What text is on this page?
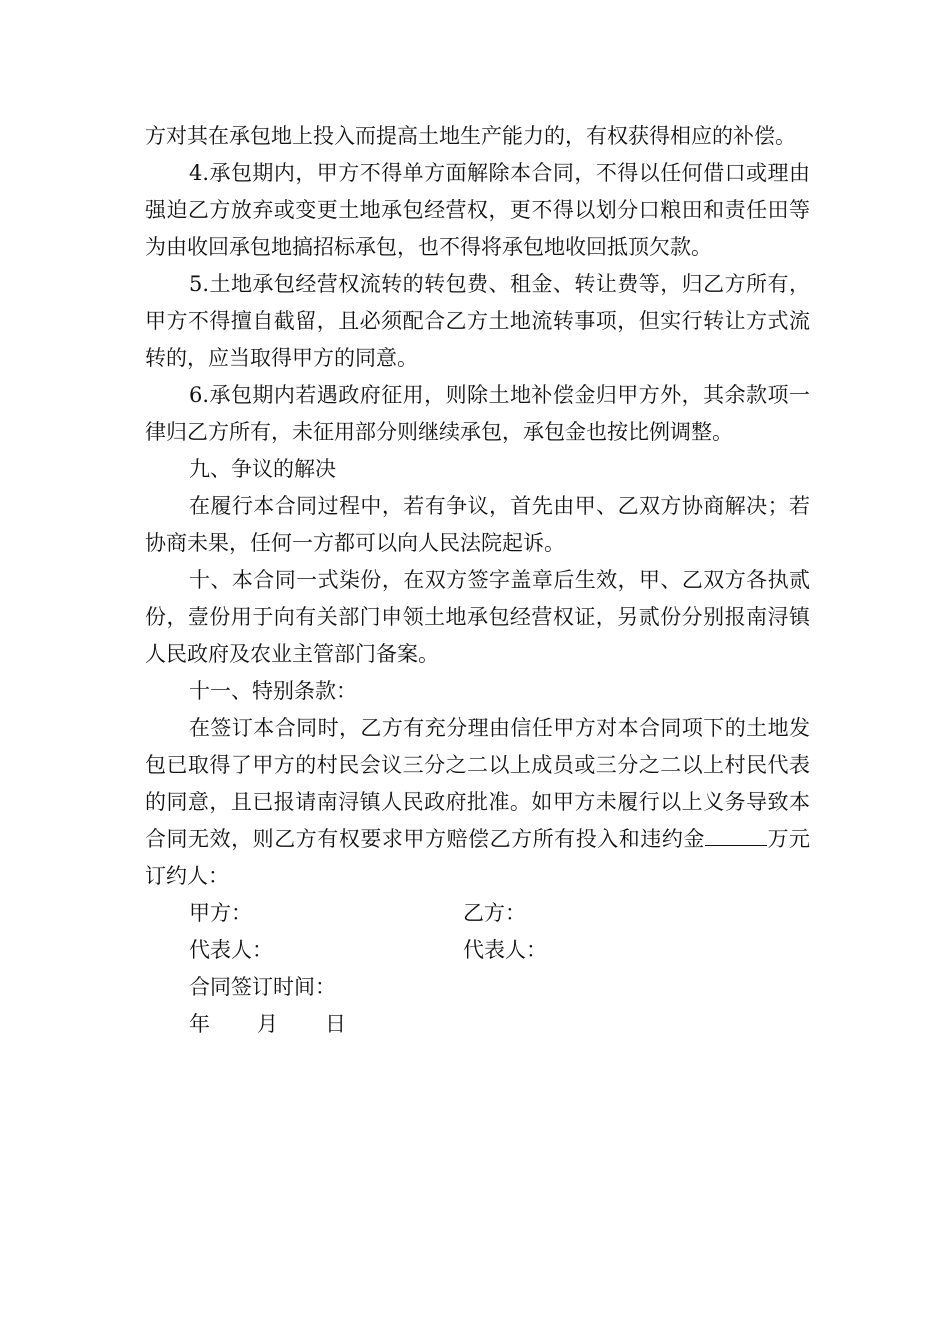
方对其在承包地上投入而提高土地生产能力的，有权获得相应的补偿。

4.承包期内，甲方不得单方面解除本合同，不得以任何借口或理由强迫乙方放弃或变更土地承包经营权，更不得以划分口粮田和责任田等为由收回承包地搞招标承包，也不得将承包地收回抵顶欠款。

5.土地承包经营权流转的转包费、租金、转让费等，归乙方所有，甲方不得擅自截留，且必须配合乙方土地流转事项，但实行转让方式流转的，应当取得甲方的同意。

6.承包期内若遇政府征用，则除土地补偿金归甲方外，其余款项一律归乙方所有，未征用部分则继续承包，承包金也按比例调整。

九、争议的解决

在履行本合同过程中，若有争议，首先由甲、乙双方协商解决；若协商未果，任何一方都可以向人民法院起诉。

十、本合同一式柒份，在双方签字盖章后生效，甲、乙双方各执贰份，壹份用于向有关部门申领土地承包经营权证，另贰份分别报南浔镇人民政府及农业主管部门备案。

十一、特别条款：

在签订本合同时，乙方有充分理由信任甲方对本合同项下的土地发包已取得了甲方的村民会议三分之二以上成员或三分之二以上村民代表的同意，且已报请南浔镇人民政府批准。如甲方未履行以上义务导致本合同无效，则乙方有权要求甲方赔偿乙方所有投入和违约金	万元订约人：

甲方：	乙方：
代表人：	代表人：
合同签订时间：
年 月 日
